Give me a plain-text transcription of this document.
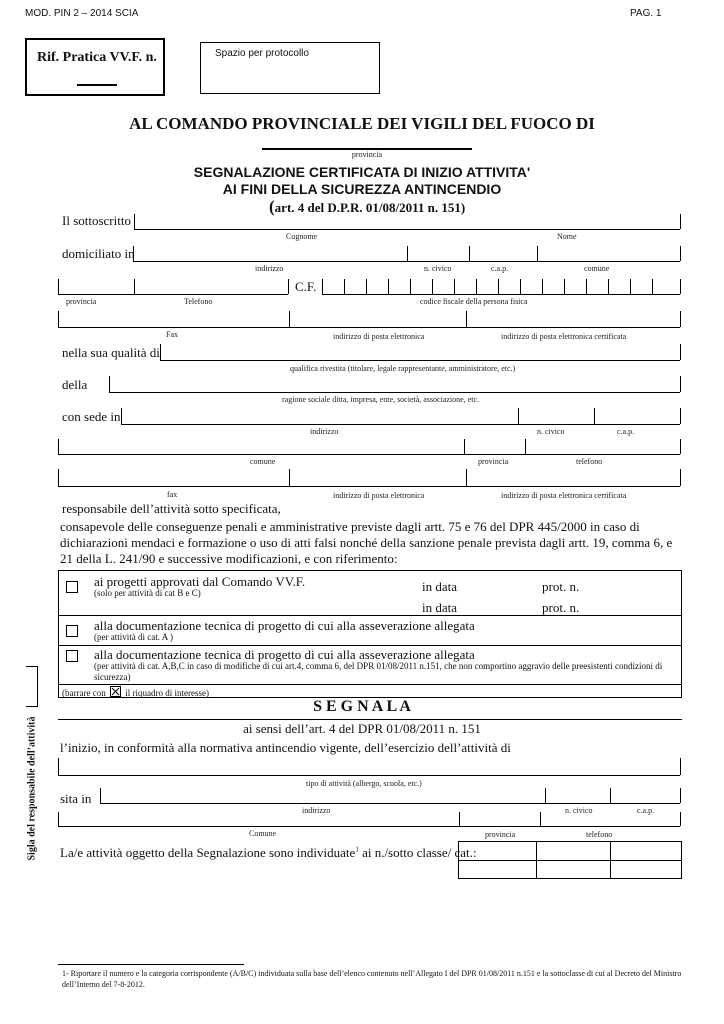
MOD. PIN 2 – 2014 SCIA	PAG. 1
Rif. Pratica VV.F. n.	Spazio per protocollo
AL COMANDO PROVINCIALE DEI VIGILI DEL FUOCO DI
provincia
SEGNALAZIONE CERTIFICATA DI INIZIO ATTIVITA'
AI FINI DELLA SICUREZZA ANTINCENDIO
(art. 4 del D.P.R. 01/08/2011 n. 151)
Il sottoscritto
Cognome	Nome
domiciliato in
indirizzo	n. civico	c.a.p.	comune
C.F.
provincia	Telefono	codice fiscale della persona fisica
Fax	indirizzo di posta elettronica	indirizzo di posta elettronica certificata
nella sua qualità di
qualifica rivestita (titolare, legale rappresentante, amministratore, etc.)
della
ragione sociale ditta, impresa, ente, società, associazione, etc.
con sede in
indirizzo	n. civico	c.a.p.
comune	provincia	telefono
fax	indirizzo di posta elettronica	indirizzo di posta elettronica certificata
responsabile dell’attività sotto specificata,
consapevole delle conseguenze penali e amministrative previste dagli artt. 75 e 76 del DPR 445/2000 in caso di dichiarazioni mendaci e formazione o uso di atti falsi nonché della sanzione penale prevista dagli artt. 19, comma 6, e 21 della L. 241/90 e successive modificazioni, e con riferimento:
ai progetti approvati dal Comando VV.F.
(solo per attività di cat B e C)	in data	prot. n.
in data	prot. n.
alla documentazione tecnica di progetto di cui alla asseverazione allegata
(per attività di cat. A )
alla documentazione tecnica di progetto di cui alla asseverazione allegata
(per attività di cat. A,B,C in caso di modifiche di cui art.4, comma 6, del DPR 01/08/2011 n.151, che non comportino aggravio delle preesistenti condizioni di sicurezza)
(barrare con ☒ il riquadro di interesse)
S E G N A L A
ai sensi dell’art. 4 del DPR 01/08/2011 n. 151
l’inizio, in conformità alla normativa antincendio vigente, dell’esercizio dell’attività di
tipo di attività (albergo, scuola, etc.)
sita in
indirizzo	n. civico	c.a.p.
Comune	provincia	telefono
La/e attività oggetto della Segnalazione sono individuate$^1$ ai n./sotto classe/ cat.:
Sigla del responsabile dell’attività
1- Riportare il numero e la categoria corrispondente (A/B/C) individuata sulla base dell’elenco contenuto nell’Allegato I del DPR 01/08/2011 n.151 e la sottoclasse di cui al Decreto del Ministro dell’Interno del 7-8-2012.
